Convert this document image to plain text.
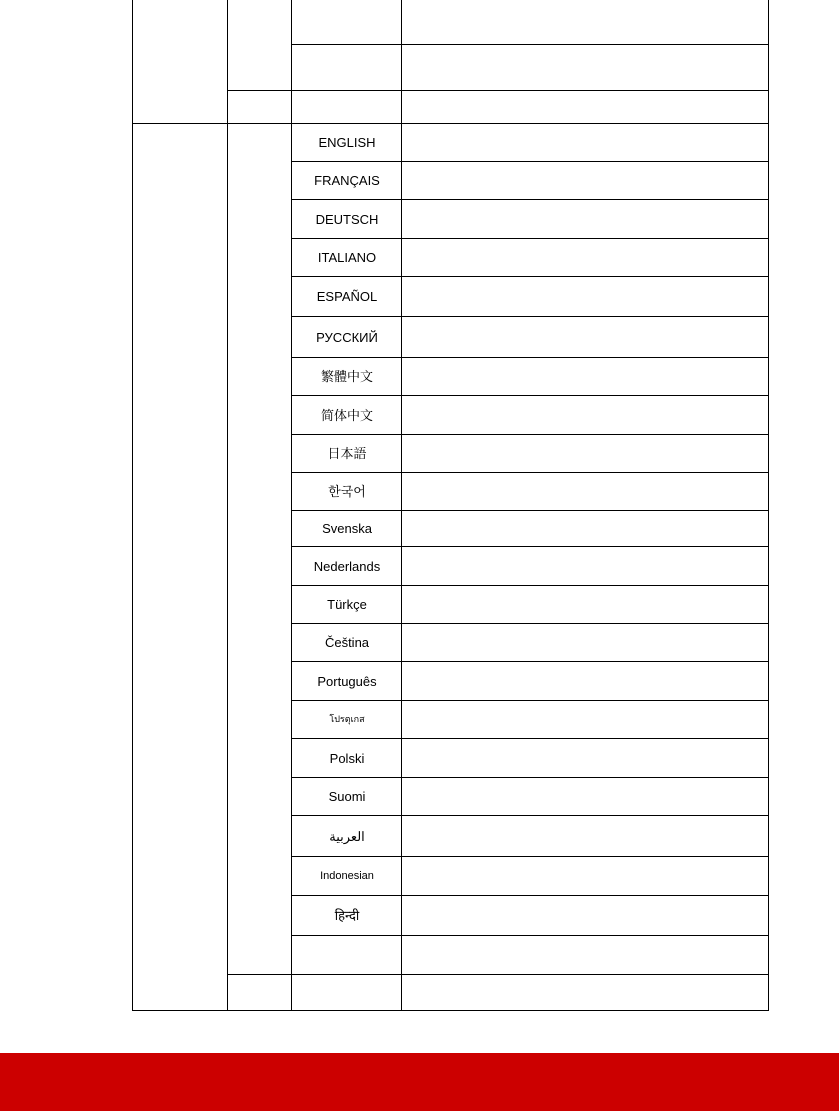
ENGLISH
FRANÇAIS
DEUTSCH
ITALIANO
ESPAÑOL
РУССКИЙ
繁體中文
简体中文
日本語
한국어
Svenska
Nederlands
Türkçe
Čeština
Português
โปรตุเกส
Polski
Suomi
العربية
Indonesian
हिन्दी
